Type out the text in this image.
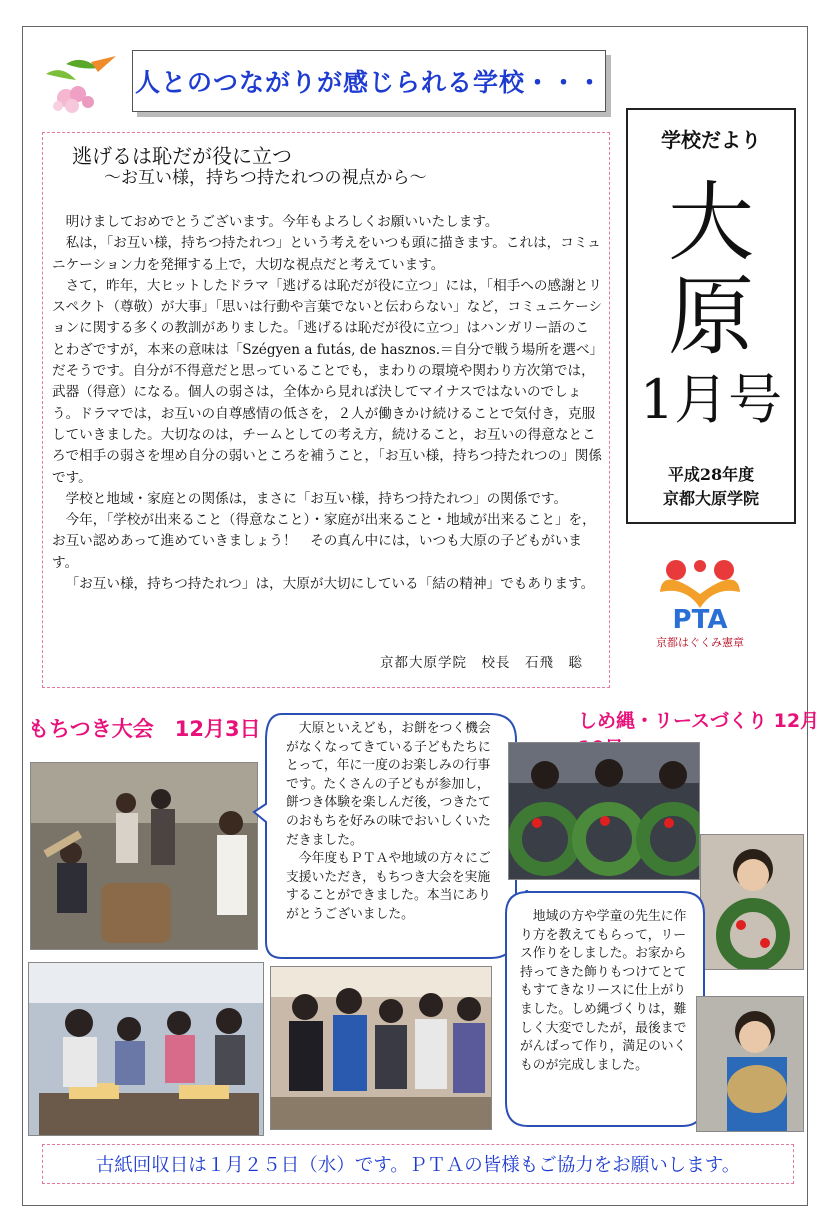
人とのつながりが感じられる学校・・・
逃げるは恥だが役に立つ
～お互い様，持ちつ持たれつの視点から～

明けましておめでとうございます。今年もよろしくお願いいたします。

私は，「お互い様，持ちつ持たれつ」という考えをいつも頭に描きます。これは，コミュニケーション力を発揮する上で，大切な視点だと考えています。

さて，昨年，大ヒットしたドラマ「逃げるは恥だが役に立つ」には，「相手への感謝とリスペクト（尊敬）が大事」「思いは行動や言葉でないと伝わらない」など，コミュニケーションに関する多くの教訓がありました。「逃げるは恥だが役に立つ」はハンガリー語のことわざですが，本来の意味は「Szégyen a futás, de hasznos.＝自分で戦う場所を選べ」だそうです。自分が不得意だと思っていることでも，まわりの環境や関わり方次第では，武器（得意）になる。個人の弱さは，全体から見れば決してマイナスではないのでしょう。ドラマでは，お互いの自尊感情の低さを，２人が働きかけ続けることで気付き，克服していきました。大切なのは，チームとしての考え方，続けること，お互いの得意なところで相手の弱さを埋め自分の弱いところを補うこと，「お互い様，持ちつ持たれつの」関係です。

学校と地域・家庭との関係は，まさに「お互い様，持ちつ持たれつ」の関係です。

今年，「学校が出来ること（得意なこと）・家庭が出来ること・地域が出来ること」を，お互い認めあって進めていきましょう！　その真ん中には，いつも大原の子どもがいます。

「お互い様，持ちつ持たれつ」は，大原が大切にしている「結の精神」でもあります。

京都大原学院　校長　石飛　聡
学校だより
大
原
1月号
平成28年度
京都大原学院
PTA
京都はぐくみ憲章
もちつき大会　12月3日	大原といえども，お餅をつく機会がなくなってきている子どもたちにとって，年に一度のお楽しみの行事です。たくさんの子どもが参加し，餅つき体験を楽しんだ後，つきたてのおもちを好みの味でおいしくいただきました。
今年度もＰＴＡや地域の方々にご支援いただき，もちつき大会を実施することができました。本当にありがとうございました。
しめ縄・リースづくり 12月
地域の方や学童の先生に作り方を教えてもらって，リース作りをしました。お家から持ってきた飾りもつけてとてもすてきなリースに仕上がりました。しめ縄づくりは，難しく大変でしたが，最後までがんばって作り，満足のいくものが完成しました。
古紙回収日は１月２５日（水）です。ＰＴＡの皆様もご協力をお願いします。
